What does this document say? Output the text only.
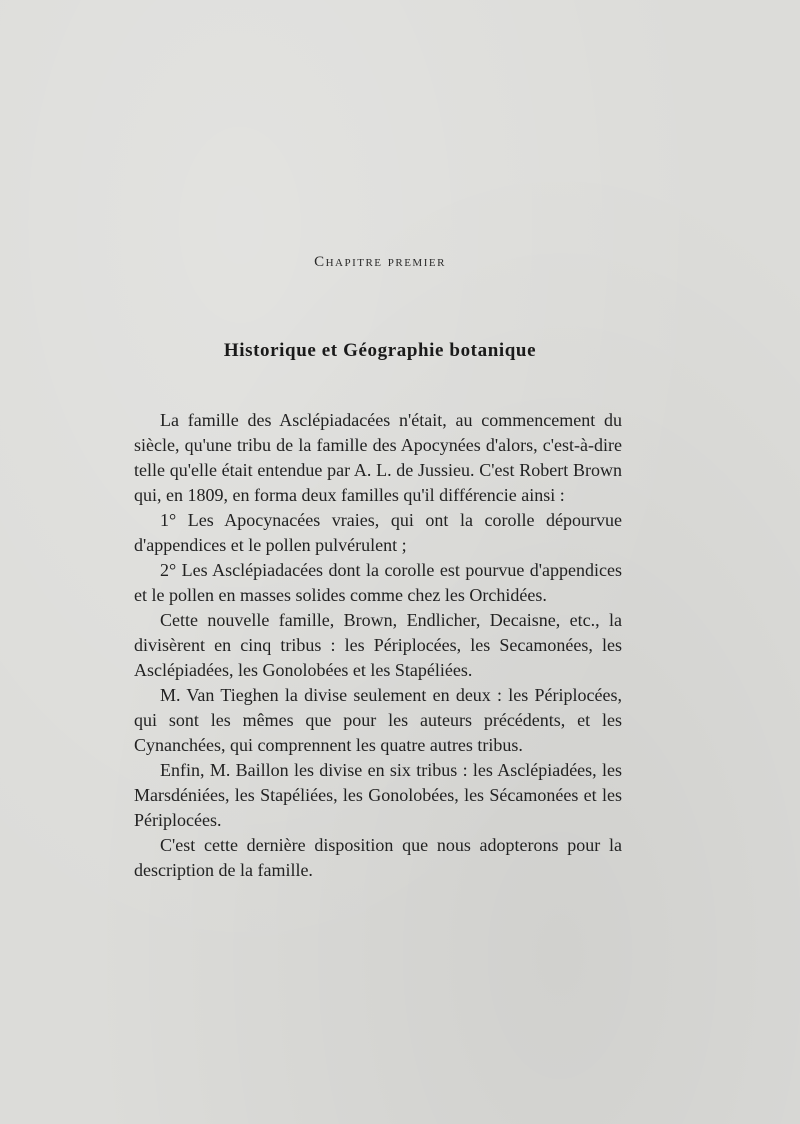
Chapitre premier
Historique et Géographie botanique

La famille des Asclépiadacées n'était, au commencement du siècle, qu'une tribu de la famille des Apocynées d'alors, c'est-à-dire telle qu'elle était entendue par A. L. de Jussieu. C'est Robert Brown qui, en 1809, en forma deux familles qu'il différencie ainsi :

1° Les Apocynacées vraies, qui ont la corolle dépourvue d'appendices et le pollen pulvérulent ;

2° Les Asclépiadacées dont la corolle est pourvue d'appendices et le pollen en masses solides comme chez les Orchidées.

Cette nouvelle famille, Brown, Endlicher, Decaisne, etc., la divisèrent en cinq tribus : les Périplocées, les Secamonées, les Asclépiadées, les Gonolobées et les Stapéliées.

M. Van Tieghen la divise seulement en deux : les Périplocées, qui sont les mêmes que pour les auteurs précédents, et les Cynanchées, qui comprennent les quatre autres tribus.

Enfin, M. Baillon les divise en six tribus : les Asclépiadées, les Marsdéniées, les Stapéliées, les Gonolobées, les Sécamonées et les Périplocées.

C'est cette dernière disposition que nous adopterons pour la description de la famille.
